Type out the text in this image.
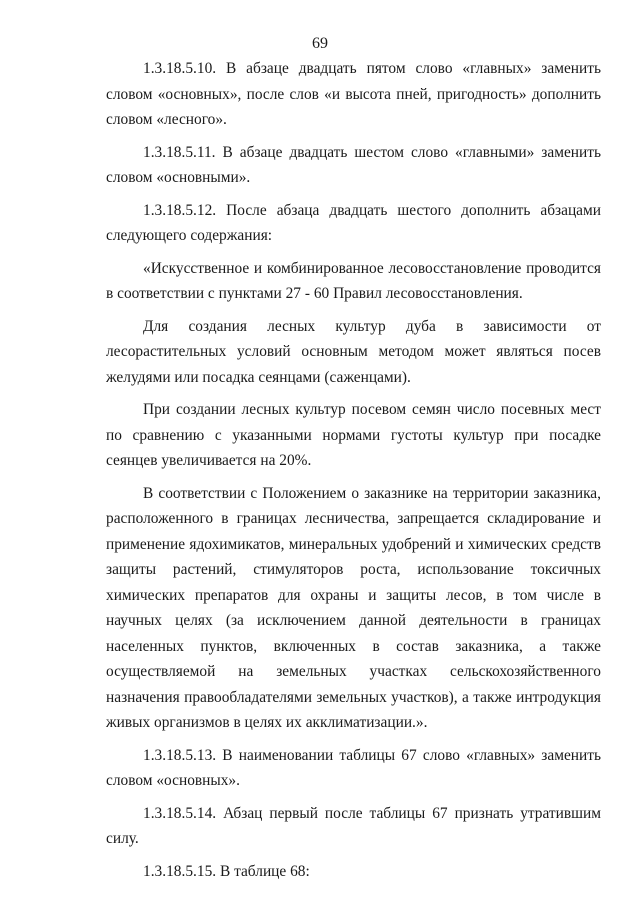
69

1.3.18.5.10. В абзаце двадцать пятом слово «главных» заменить словом «основных», после слов «и высота пней, пригодность» дополнить словом «лесного».

1.3.18.5.11. В абзаце двадцать шестом слово «главными» заменить словом «основными».

1.3.18.5.12. После абзаца двадцать шестого дополнить абзацами следующего содержания:

«Искусственное и комбинированное лесовосстановление проводится в соответствии с пунктами 27 - 60 Правил лесовосстановления.

Для создания лесных культур дуба в зависимости от лесорастительных условий основным методом может являться посев желудями или посадка сеянцами (саженцами).

При создании лесных культур посевом семян число посевных мест по сравнению с указанными нормами густоты культур при посадке сеянцев увеличивается на 20%.

В соответствии с Положением о заказнике на территории заказника, расположенного в границах лесничества, запрещается складирование и применение ядохимикатов, минеральных удобрений и химических средств защиты растений, стимуляторов роста, использование токсичных химических препаратов для охраны и защиты лесов, в том числе в научных целях (за исключением данной деятельности в границах населенных пунктов, включенных в состав заказника, а также осуществляемой на земельных участках сельскохозяйственного назначения правообладателями земельных участков), а также интродукция живых организмов в целях их акклиматизации.».

1.3.18.5.13. В наименовании таблицы 67 слово «главных» заменить словом «основных».

1.3.18.5.14. Абзац первый после таблицы 67 признать утратившим силу.

1.3.18.5.15. В таблице 68:
